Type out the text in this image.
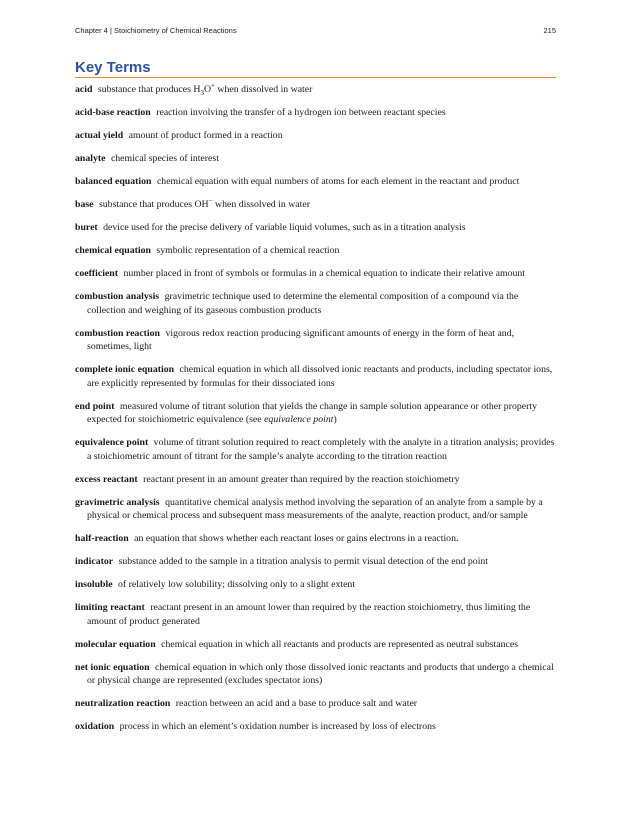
Chapter 4 | Stoichiometry of Chemical Reactions	215
Key Terms

acid substance that produces $H_3O^+$ when dissolved in water

acid-base reaction reaction involving the transfer of a hydrogen ion between reactant species

actual yield amount of product formed in a reaction

analyte chemical species of interest

balanced equation chemical equation with equal numbers of atoms for each element in the reactant and product

base substance that produces OH− when dissolved in water

buret device used for the precise delivery of variable liquid volumes, such as in a titration analysis

chemical equation symbolic representation of a chemical reaction

coefficient number placed in front of symbols or formulas in a chemical equation to indicate their relative amount

combustion analysis gravimetric technique used to determine the elemental composition of a compound via the collection and weighing of its gaseous combustion products

combustion reaction vigorous redox reaction producing significant amounts of energy in the form of heat and, sometimes, light

complete ionic equation chemical equation in which all dissolved ionic reactants and products, including spectator ions, are explicitly represented by formulas for their dissociated ions

end point measured volume of titrant solution that yields the change in sample solution appearance or other property expected for stoichiometric equivalence (see equivalence point)

equivalence point volume of titrant solution required to react completely with the analyte in a titration analysis; provides a stoichiometric amount of titrant for the sample’s analyte according to the titration reaction

excess reactant reactant present in an amount greater than required by the reaction stoichiometry

gravimetric analysis quantitative chemical analysis method involving the separation of an analyte from a sample by a physical or chemical process and subsequent mass measurements of the analyte, reaction product, and/or sample

half-reaction an equation that shows whether each reactant loses or gains electrons in a reaction.

indicator substance added to the sample in a titration analysis to permit visual detection of the end point

insoluble of relatively low solubility; dissolving only to a slight extent

limiting reactant reactant present in an amount lower than required by the reaction stoichiometry, thus limiting the amount of product generated

molecular equation chemical equation in which all reactants and products are represented as neutral substances

net ionic equation chemical equation in which only those dissolved ionic reactants and products that undergo a chemical or physical change are represented (excludes spectator ions)

neutralization reaction reaction between an acid and a base to produce salt and water

oxidation process in which an element’s oxidation number is increased by loss of electrons
